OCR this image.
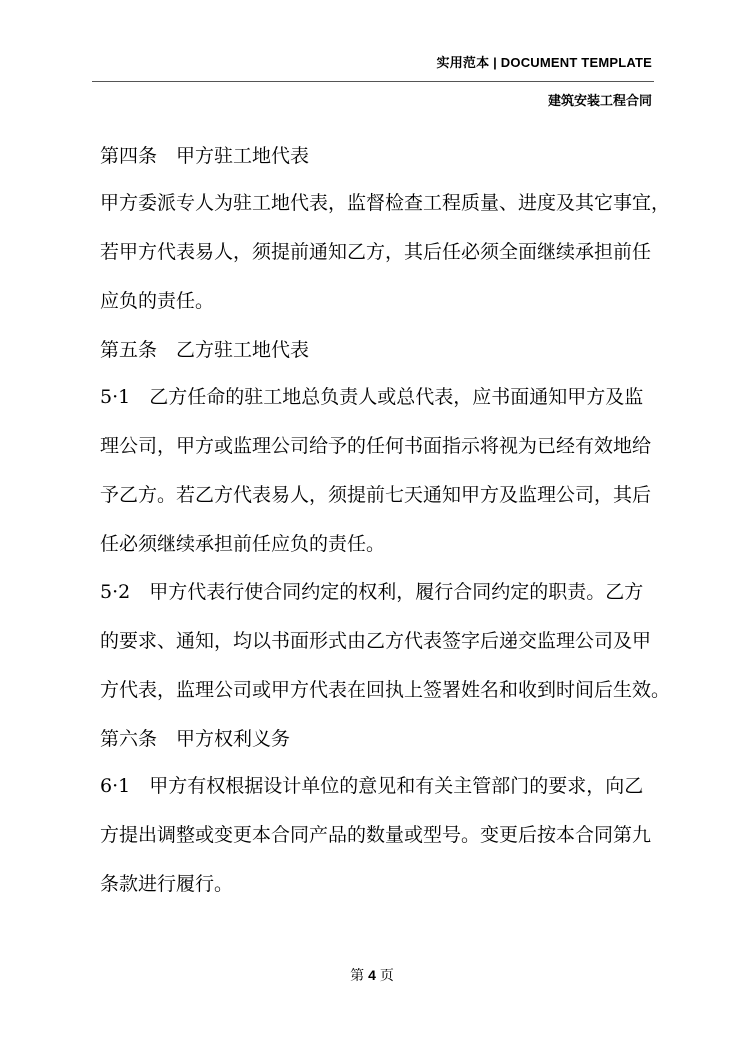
实用范本 | DOCUMENT TEMPLATE
建筑安装工程合同
第四条　甲方驻工地代表
甲方委派专人为驻工地代表，监督检查工程质量、进度及其它事宜，
若甲方代表易人，须提前通知乙方，其后任必须全面继续承担前任
应负的责任。
第五条　乙方驻工地代表
5·1　乙方任命的驻工地总负责人或总代表，应书面通知甲方及监
理公司，甲方或监理公司给予的任何书面指示将视为已经有效地给
予乙方。若乙方代表易人，须提前七天通知甲方及监理公司，其后
任必须继续承担前任应负的责任。
5·2　甲方代表行使合同约定的权利，履行合同约定的职责。乙方
的要求、通知，均以书面形式由乙方代表签字后递交监理公司及甲
方代表，监理公司或甲方代表在回执上签署姓名和收到时间后生效。
第六条　甲方权利义务
6·1　甲方有权根据设计单位的意见和有关主管部门的要求，向乙
方提出调整或变更本合同产品的数量或型号。变更后按本合同第九
条款进行履行。
第 4 页
